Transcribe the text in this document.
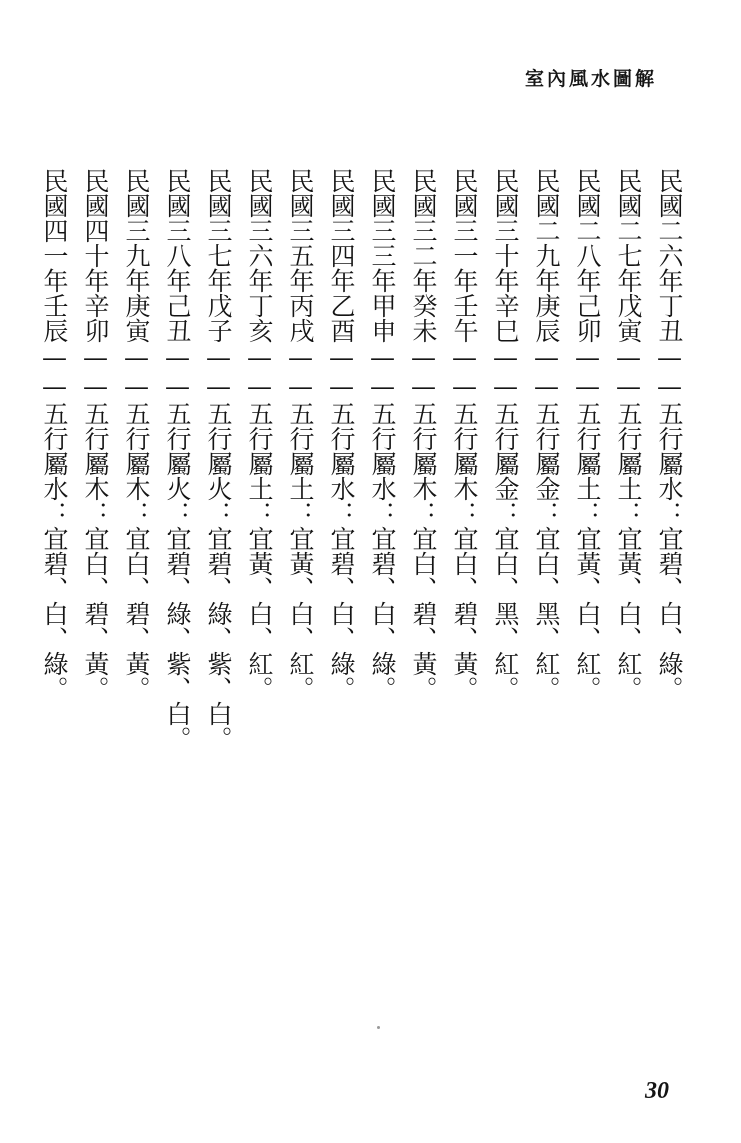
室內風水圖解
民國二六年丁丑——五行屬水：宜碧、白、綠。
民國二七年戊寅——五行屬土：宜黃、白、紅。
民國二八年己卯——五行屬土：宜黃、白、紅。
民國二九年庚辰——五行屬金：宜白、黑、紅。
民國三十年辛巳——五行屬金：宜白、黑、紅。
民國三一年壬午——五行屬木：宜白、碧、黃。
民國三二年癸未——五行屬木：宜白、碧、黃。
民國三三年甲申——五行屬水：宜碧、白、綠。
民國三四年乙酉——五行屬水：宜碧、白、綠。
民國三五年丙戌——五行屬土：宜黃、白、紅。
民國三六年丁亥——五行屬土：宜黃、白、紅。
民國三七年戊子——五行屬火：宜碧、綠、紫、白。
民國三八年己丑——五行屬火：宜碧、綠、紫、白。
民國三九年庚寅——五行屬木：宜白、碧、黃。
民國四十年辛卯——五行屬木：宜白、碧、黃。
民國四一年壬辰——五行屬水：宜碧、白、綠。
30
